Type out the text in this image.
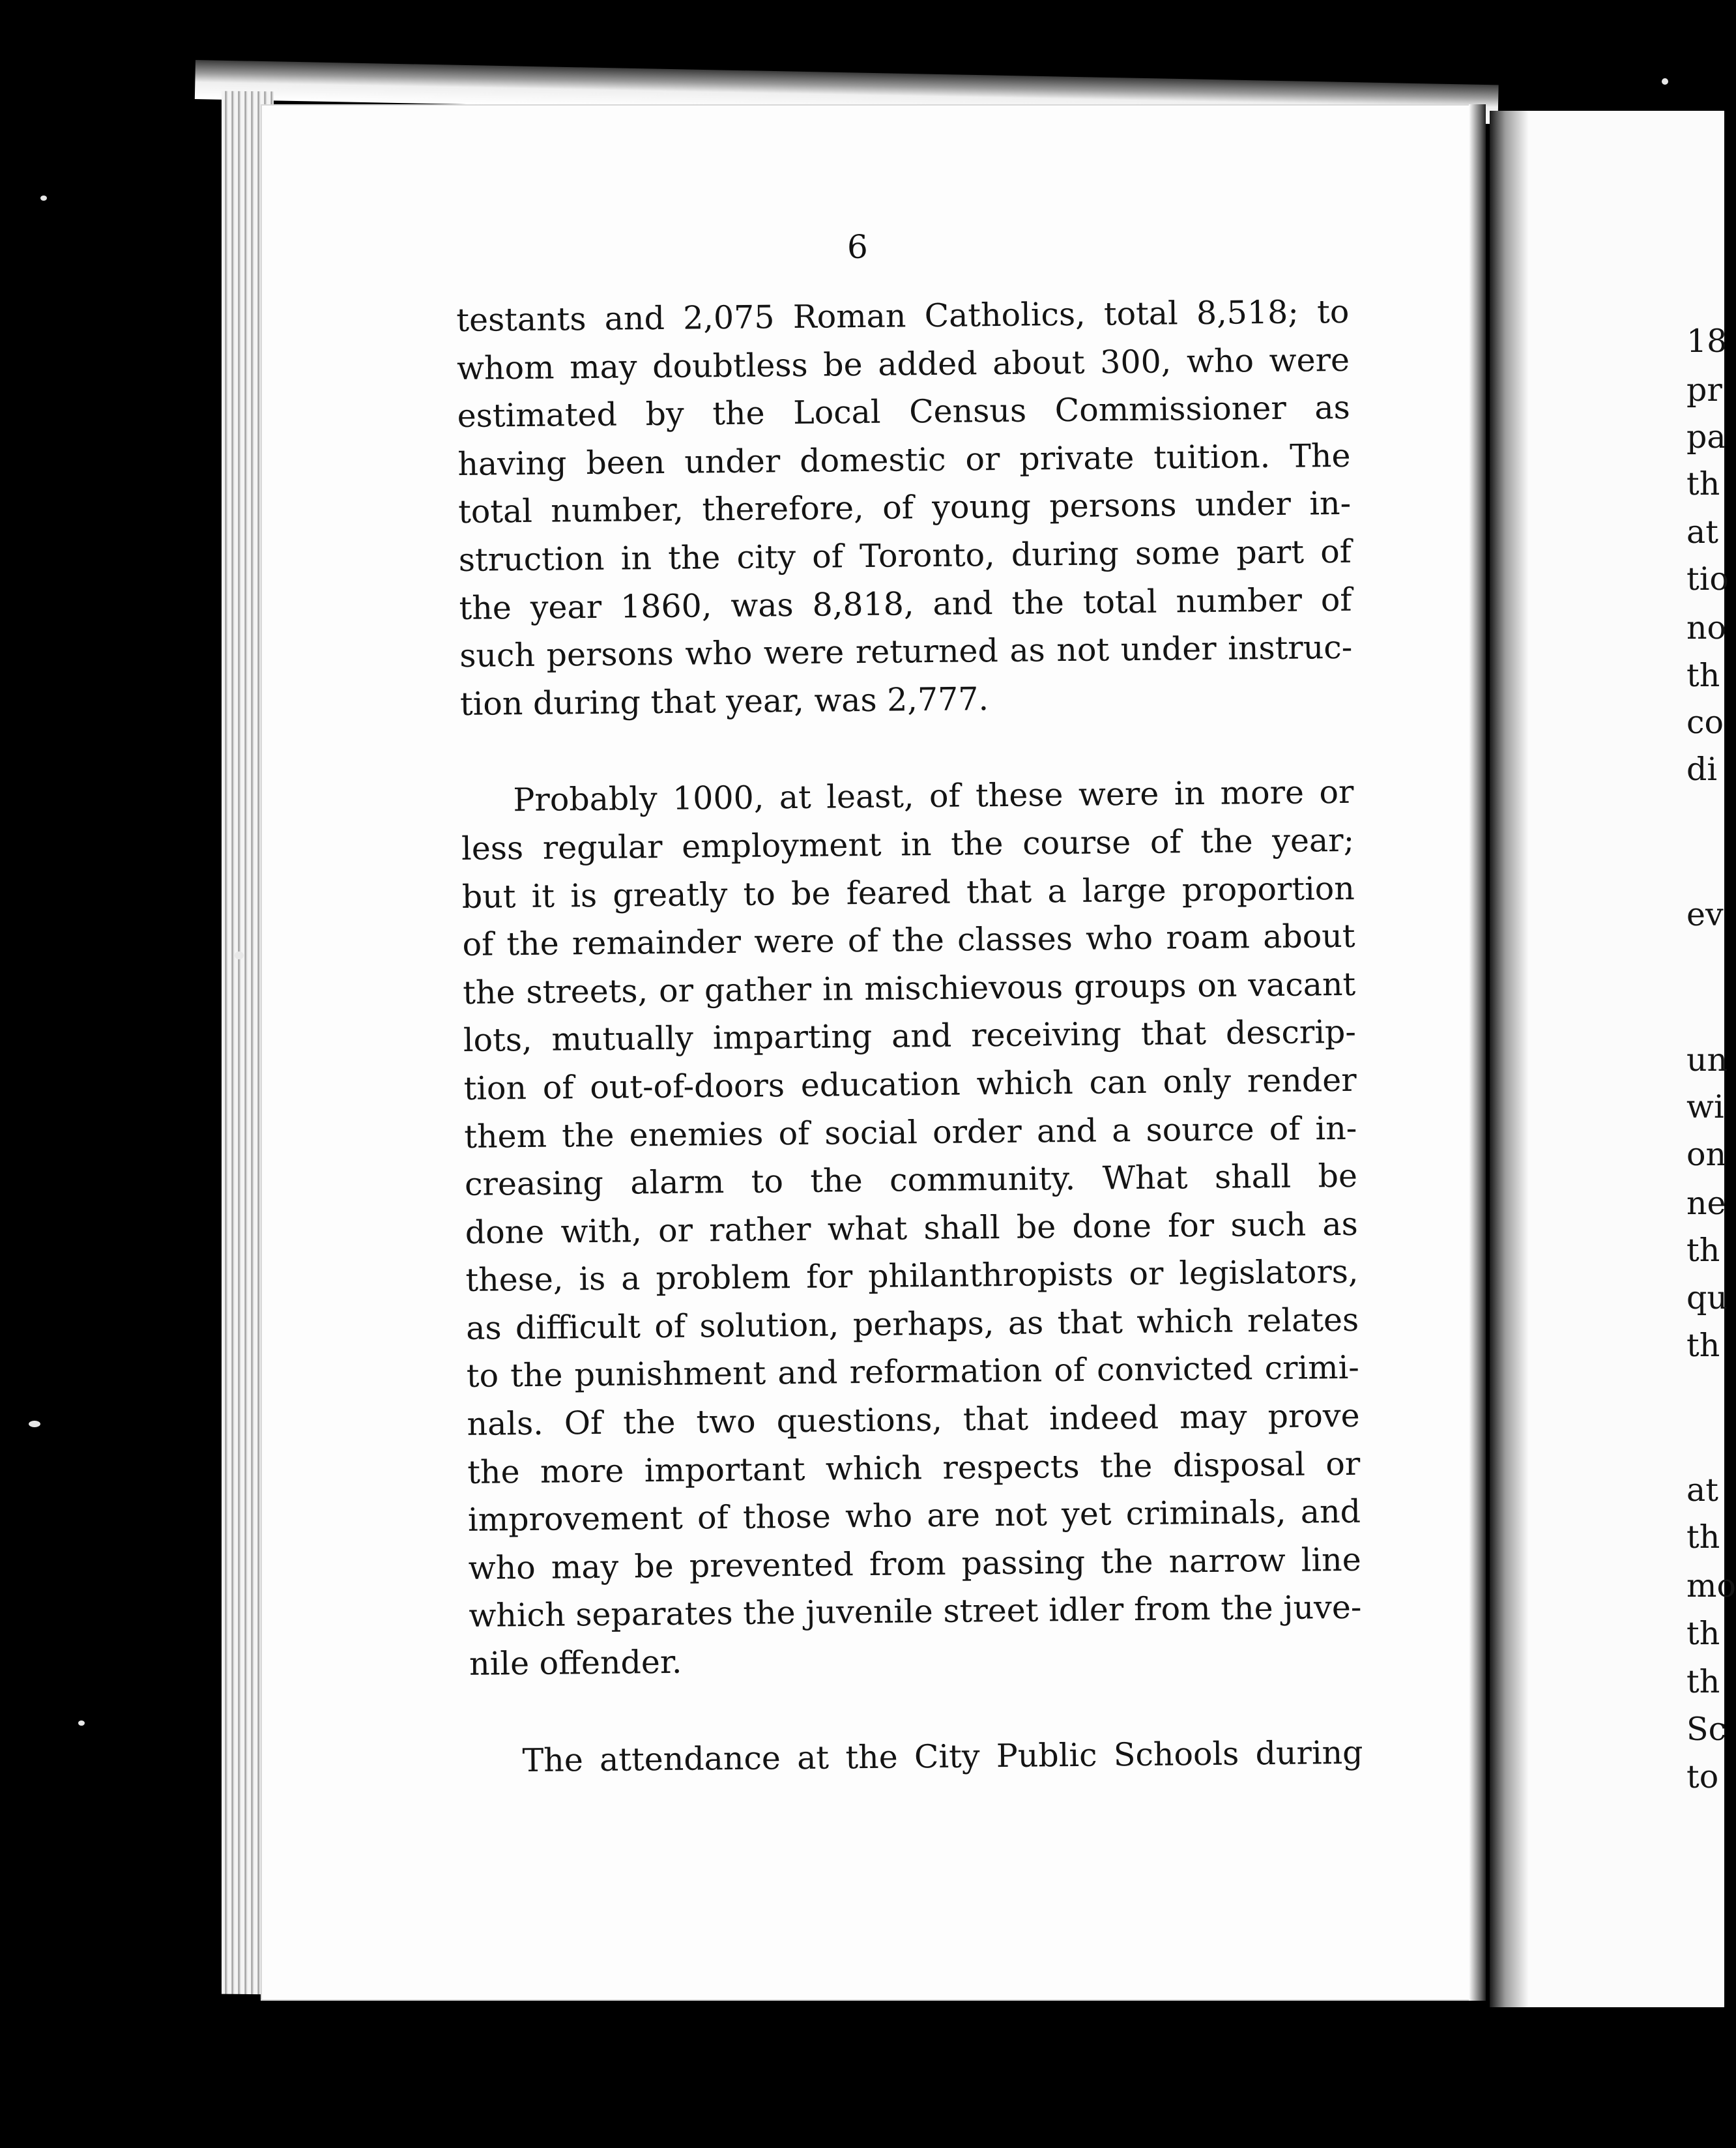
6

testants and 2,075 Roman Catholics, total 8,518; to
whom may doubtless be added about 300, who were
estimated by the Local Census Commissioner as
having been under domestic or private tuition. The
total number, therefore, of young persons under in-
struction in the city of Toronto, during some part of
the year 1860, was 8,818, and the total number of
such persons who were returned as not under instruc-
tion during that year, was 2,777.

Probably 1000, at least, of these were in more or
less regular employment in the course of the year;
but it is greatly to be feared that a large proportion
of the remainder were of the classes who roam about
the streets, or gather in mischievous groups on vacant
lots, mutually imparting and receiving that descrip-
tion of out-of-doors education which can only render
them the enemies of social order and a source of in-
creasing alarm to the community. What shall be
done with, or rather what shall be done for such as
these, is a problem for philanthropists or legislators,
as difficult of solution, perhaps, as that which relates
to the punishment and reformation of convicted crimi-
nals. Of the two questions, that indeed may prove
the more important which respects the disposal or
improvement of those who are not yet criminals, and
who may be prevented from passing the narrow line
which separates the juvenile street idler from the juve-
nile offender.

The attendance at the City Public Schools during

18

pr

pa

th

at

tio

no

th

co

di

ev

un

wi

on

ne

th

qu

th

at

th

mo

th

th

Sc

to
